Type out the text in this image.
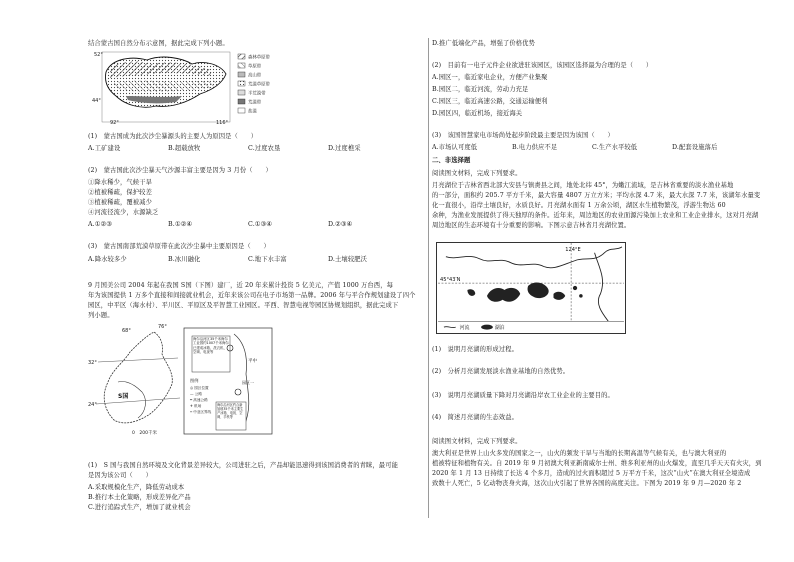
结合蒙古国自然分布示意图，据此完成下列小题。
52°
44°
92°	116°
森林草原带
草原带
高山带
荒漠草原带
半荒漠带
荒漠带
盐漠
(1)　蒙古国成为此次沙尘暴源头的主要人为原因是（　　）
A.工矿建设	B.超载放牧	C.过度农垦	D.过度樵采
(2)　蒙古国此次沙尘暴天气沙源丰富主要是因为 3 月份（　　）
①降水稀少，气候干旱
②植被稀疏，保护较差
③植被稀疏，覆被减少
④河流径流少，水源缺乏
A.①②③	B.①②④	C.①③④	D.②③④
(3)　蒙古国南部荒漠草原带在此次沙尘暴中主要原因是（　　）
A.降水较多少	B.冰川融化	C.地下水丰富	D.土壤较肥沃
9 月国美公司 2004 年起在我国 S国（下图）建厂，近 20 年来累计投资 5 亿美元，产值 1000 万台西，每
年为该国提供 1 万多个直接和间接就业机会，近年来该公司在电子市场第一品牌。2006 年与平合作规划建设了四个
园区，中平区（海水村）、平川区、平原区及平智慧工业园区。平西、智慧电视等园区协规划组织，据此完成下
列小题。
24°
32°
68°
76°
S国
0　200千米
海尔沿河区35千米海尔工业园约1007千米海尔已建成冰箱、洗衣机、空调、电视等
平中
园区一
图例
◎ 园区位置
— 公路
━ 高速公路
✈ 机场
┅ 中亚区界线
海尔沿河区约合新加坡35千米主要生产冰箱、电视、空调、手机等
(1)　S 国与我国自然环境及文化背景差异较大，公司进驻之后，产品却能迅速得到该国消费者的青睐，最可能
是因为该公司（　　）
A.采取规模化生产，降低劳动成本
B.推行本土化策略，形成差异化产品
C.进行追踪式生产，增加了就业机会
D.推广低端化产品，增强了价格优势
(2)　目前有一电子元件企业欲进驻该园区，该园区选择最为合理的是（　　）
A.园区一，临近家电企业，方便产业集聚
B.园区二，临近河流，劳动力充足
C.园区三，临近高速公路，交通运输便利
D.园区四，临近机场，接近海关
(3)　该国智慧家电市场尚处起步阶段最主要是因为该国（　　）
A.市场认可度低	B.电力供应不足	C.生产水平较低	D.配套设施落后
二、非选择题
阅读图文材料，完成下列要求。
月亮湖位于吉林省西北部大安县与镇赉县之间，地处北纬 45°，为嫩江流域，是吉林省重要的淡水渔业基地
的一部分，面积约 205.7 平方千米，最大容量 4807 万立方米；平均水深 4.7 米，最大水深 7.7 米，该湖年水量变
化一直很小，沿岸土壤良好，水质良好。月亮湖水面有 1 万余公顷，湖区水生植物繁茂，浮游生物达 60
余种，为渔业发展提供了得天独厚的条件。近年来，周边地区的农业面源污染加上农业和工业企业排水，这对月亮湖
周边地区的生态环境有十分重要的影响。下图示意吉林省月亮湖位置。
124°E
45°43′N
河流	湖泊
(1)　说明月亮湖的形成过程。
(2)　分析月亮湖发展淡水渔业基地的自然优势。
(3)　说明月亮湖质量下降对月亮湖沿岸农工业企业的主要目的。
(4)　简述月亮湖的生态效益。
阅读图文材料，完成下列要求。
澳大利亚是世界上山火多发的国家之一，山火的频发干旱与当地的长期高温等气候有关，也与澳大利亚的
植被特征和植物有关。自 2019 年 9 月初澳大利亚新南威尔士州、维多利亚州的山火爆发，直至几乎天天有火灾，到
2020 年 1 月 13 日持续了长达 4 个多月，造成的过火面积超过 5 万平方千米，这次“山火”在澳大利亚全境造成
致数十人死亡，5 亿动物丧身火海，这次山火引起了世界各国的高度关注。下图为 2019 年 9 月—2020 年 2
